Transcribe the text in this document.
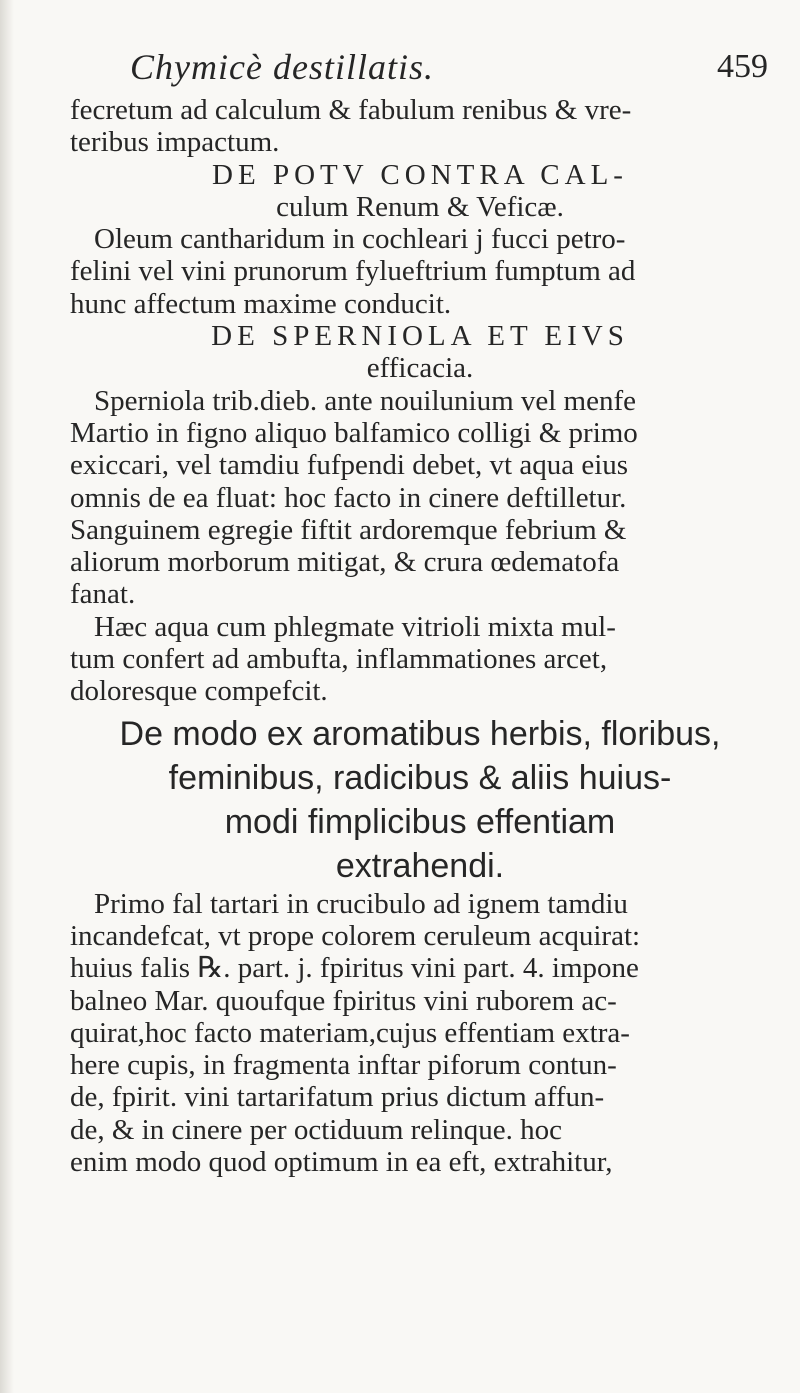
Chymicè destillatis.	459

fecretum ad calculum & fabulum renibus & vre-

teribus impactum.

DE POTV CONTRA CAL-

culum Renum & Veficæ.

Oleum cantharidum in cochleari j fucci petro-

felini vel vini prunorum fylueftrium fumptum ad

hunc affectum maxime conducit.

DE SPERNIOLA ET EIVS

efficacia.

Sperniola trib.dieb. ante nouilunium vel menfe

Martio in figno aliquo balfamico colligi & primo

exiccari, vel tamdiu fufpendi debet, vt aqua eius

omnis de ea fluat: hoc facto in cinere deftilletur.

Sanguinem egregie fiftit ardoremque febrium &

aliorum morborum mitigat, & crura œdematofa

fanat.

Hæc aqua cum phlegmate vitrioli mixta mul-

tum confert ad ambufta, inflammationes arcet,

doloresque compefcit.

De modo ex aromatibus herbis, floribus,

feminibus, radicibus & aliis huius-

modi fimplicibus effentiam

extrahendi.

Primo fal tartari in crucibulo ad ignem tamdiu

incandefcat, vt prope colorem ceruleum acquirat:

huius falis ℞. part. j. fpiritus vini part. 4. impone

balneo Mar. quoufque fpiritus vini ruborem ac-

quirat,hoc facto materiam,cujus effentiam extra-

here cupis, in fragmenta inftar piforum contun-

de, fpirit. vini tartarifatum prius dictum affun-

de, & in cinere per octiduum relinque. hoc

enim modo quod optimum in ea eft, extrahitur,
